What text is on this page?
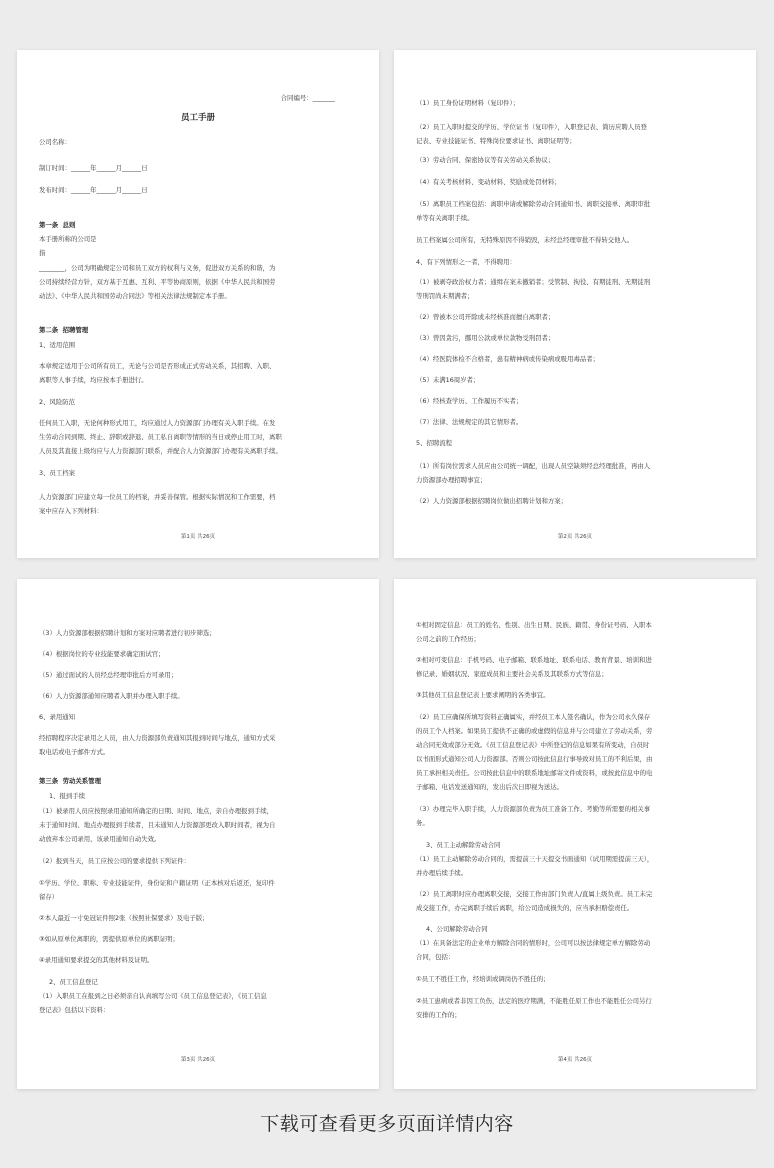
合同编号：_______
员工手册

公司名称：

制订时间：______年______月______日

发布时间：______年______月______日

第一条  总则

本手册所称的公司是

指

________，公司为明确规定公司和员工双方的权利与义务，促进双方关系的和谐，为

公司持续经营方针，双方基于互惠、互利、平等协商原则，依据《中华人民共和国劳

动法》、《中华人民共和国劳动合同法》等相关法律法规制定本手册。

第二条  招聘管理

1、适用范围

本章规定适用于公司所有员工，无论与公司是否形成正式劳动关系，其招聘、入职、

离职等人事手续，均应按本手册进行。

2、风险防范

任何员工入职，无论何种形式用工，均应通过人力资源部门办理有关入职手续。在发

生劳动合同到期、终止、辞职或辞退、员工私自离职等情形的当日或停止用工时，离职

人员及其直接上级均应与人力资源部门联系，并配合人力资源部门办理有关离职手续。

3、员工档案

人力资源部门应建立每一位员工的档案，并妥善保管。根据实际情况和工作需要，档

案中应存入下列材料：

第1页 共26页

（1）员工身份证明材料（复印件）；

（2）员工入职时提交的学历、学位证书（复印件），入职登记表、简历应聘人员登

记表、专业技能证书、特殊岗位要求证书、离职证明等；

（3）劳动合同、保密协议等有关劳动关系协议；

（4）有关考核材料、变动材料、奖励或处罚材料；

（5）离职员工档案包括：离职申请或解除劳动合同通知书、离职交接单、离职审批

单等有关离职手续。

员工档案属公司所有，无特殊原因不得销毁，未经总经理审批不得转交他人。

4、有下列情形之一者，不得聘用：

（1）被剥夺政治权力者；通缉在案未撤销者；受管制、拘役、有期徒刑、无期徒刑

等刑罚尚未期满者；

（2）曾被本公司开除或未经核准而擅自离职者；

（3）曾因贪污，挪用公款或单位款物受刑罚者；

（4）经医院体检不合格者，患有精神病或传染病或吸用毒品者；

（5）未满16周岁者；

（6）经核查学历、工作履历不实者；

（7）法律、法规规定的其它情形者。

5、招聘流程

（1）所有岗位需求人员应由公司统一调配，出现人员空缺须经总经理批准，再由人

力资源部办理招聘事宜；

（2）人力资源部根据招聘岗位做出招聘计划和方案；

第2页 共26页

（3）人力资源部根据招聘计划和方案对应聘者进行初步筛选；

（4）根据岗位的专业技能要求确定面试官；

（5）通过面试的人员经总经理审批后方可录用；

（6）人力资源部通知应聘者入职并办理入职手续。

6、录用通知

经招聘程序决定录用之人员，由人力资源部负责通知其报到时间与地点，通知方式采

取电话或电子邮件方式。

第三条  劳动关系管理

1、报到手续

（1）被录用人员应按照录用通知所确定的日期、时间、地点，亲自办理报到手续，

未于通知时间、地点办理报到手续者，且未通知人力资源部更改入职时间者，视为自

动放弃本公司录用，该录用通知自动失效。

（2）报到当天，员工应按公司的要求提供下列证件：

①学历、学位、职称、专业技能证件，身份证和户籍证明（正本核对后返还，复印件

留存）

②本人最近一寸免冠证件照2张（按照社保要求）及电子版；

③如从原单位离职的，需提供原单位的离职证明；

④录用通知要求提交的其他材料及证明。

2、员工信息登记

（1）入职员工在报到之日必须亲自认真填写公司《员工信息登记表》，《员工信息

登记表》包括以下资料：

第3页 共26页

①相对固定信息：员工的姓名、性别、出生日期、民族、籍贯、身份证号码、入职本

公司之前的工作经历；

②相对可变信息：手机号码、电子邮箱、联系地址、联系电话、教育背景、培训和进

修记录、婚姻状况、家庭成员和主要社会关系及其联系方式等信息；

③其他员工信息登记表上要求阐明的各类事宜。

（2）员工应确保所填写资料正确属实，并经员工本人签名确认，作为公司永久保存

的员工个人档案。如果员工提供不正确的或虚假的信息并与公司建立了劳动关系，劳

动合同无效或部分无效。《员工信息登记表》中所登记的信息如果有所变动，自员时

以书面形式通知公司人力资源部。否则公司按此信息行事导致对员工的不利后果，由

员工承担相关责任。公司按此信息中的联系地址邮寄文件或资料，或按此信息中的电

子邮箱、电话发送通知的，发出后次日即视为送达。

（3）办理完毕入职手续，人力资源部负责为员工准备工作、考勤等所需要的相关事

务。

3、员工主动解除劳动合同

（1）员工主动解除劳动合同的，需提前三十天提交书面通知（试用期需提前三天），

并办理后续手续。

（2）员工离职时应办理离职交接，交接工作由部门负责人/直属上级负责。员工未完

成交接工作，办完离职手续后离职，给公司造成损失的，应当承担赔偿责任。

4、公司解除劳动合同

（1）在具备法定的企业单方解除合同的情形时，公司可以按法律规定单方解除劳动

合同，包括：

①员工不胜任工作，经培训或调岗仍不胜任的；

②员工患病或者非因工负伤，法定的医疗期满，不能胜任原工作也不能胜任公司另行

安排的工作的；

第4页 共26页
下载可查看更多页面详情内容
